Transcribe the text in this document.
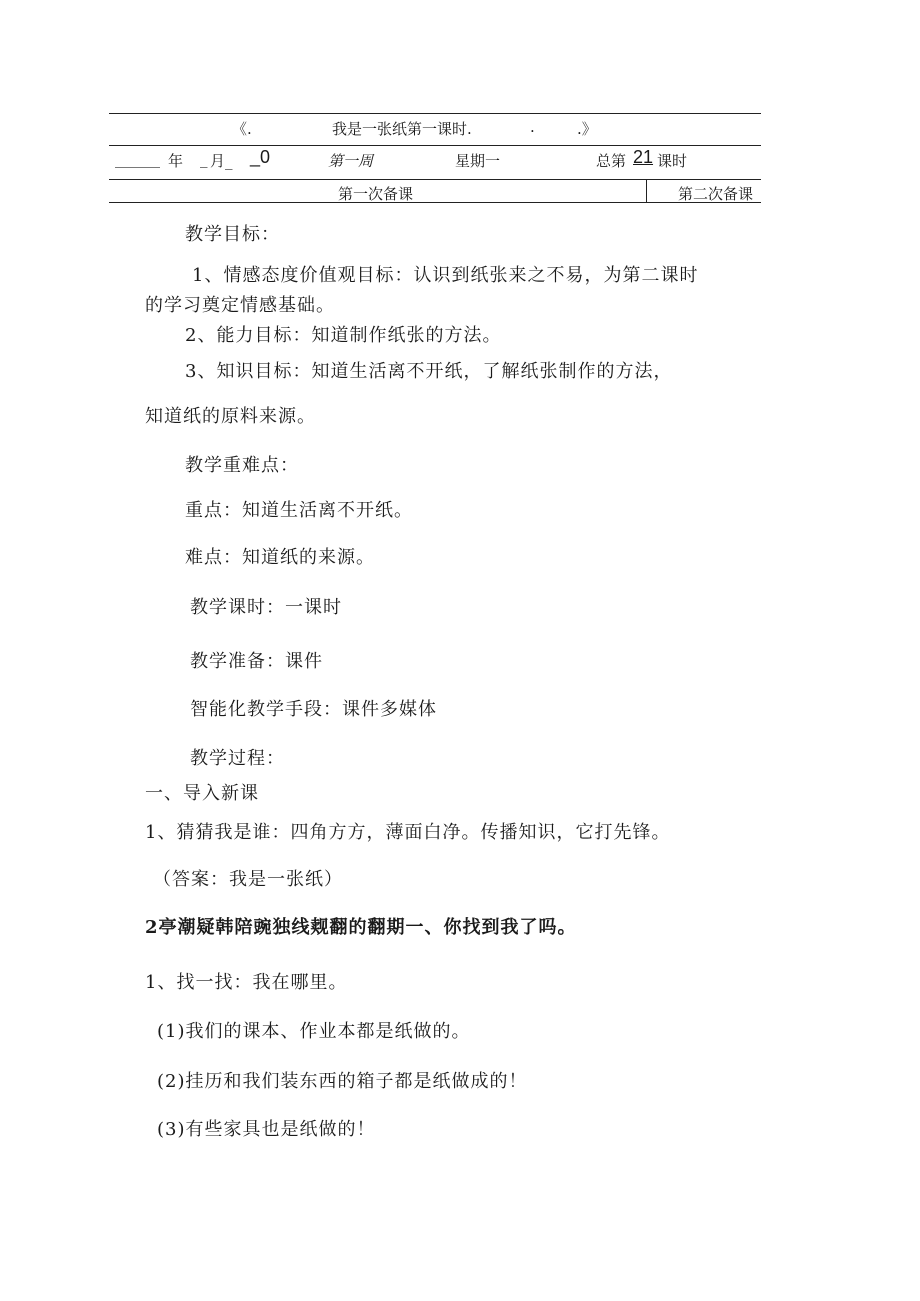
《.	我是一张纸第一课时.	.	.》
______ 年 _ 月_ _0	第一周	星期一	总第 21 课时
第一次备课	第二次备课
教学目标：
1、情感态度价值观目标：认识到纸张来之不易，为第二课时
的学习奠定情感基础。
2、能力目标：知道制作纸张的方法。
3、知识目标：知道生活离不开纸，了解纸张制作的方法，
知道纸的原料来源。
教学重难点：
重点：知道生活离不开纸。
难点：知道纸的来源。
教学课时：一课时
教学准备：课件
智能化教学手段：课件多媒体
教学过程：
一、导入新课
1、猜猜我是谁：四角方方，薄面白净。传播知识，它打先锋。
（答案：我是一张纸）
2亭潮疑韩陪豌独线觌翻的翻期一、你找到我了吗。
1、找一找：我在哪里。
(1)我们的课本、作业本都是纸做的。
(2)挂历和我们装东西的箱子都是纸做成的！
(3)有些家具也是纸做的！
